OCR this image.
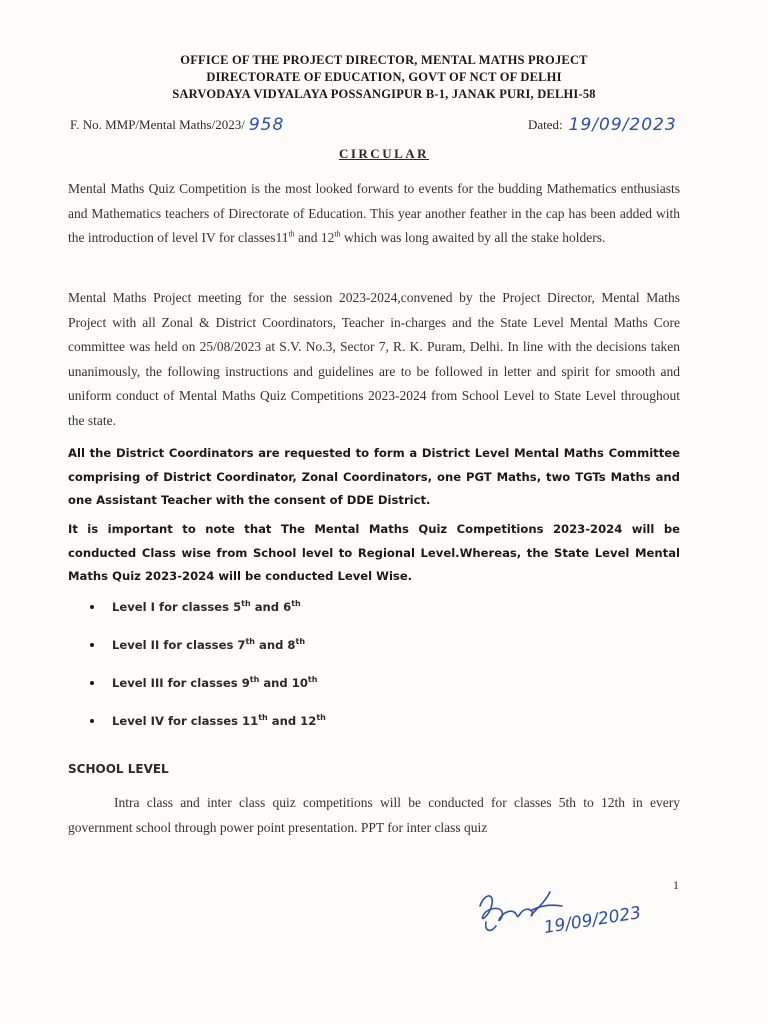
OFFICE OF THE PROJECT DIRECTOR, MENTAL MATHS PROJECT
DIRECTORATE OF EDUCATION, GOVT OF NCT OF DELHI
SARVODAYA VIDYALAYA POSSANGIPUR B-1, JANAK PURI, DELHI-58
F. No. MMP/Mental Maths/2023/ 958	Dated: 19/09/2023
CIRCULAR
Mental Maths Quiz Competition is the most looked forward to events for the budding Mathematics enthusiasts and Mathematics teachers of Directorate of Education. This year another feather in the cap has been added with the introduction of level IV for classes11th and 12th which was long awaited by all the stake holders.
Mental Maths Project meeting for the session 2023-2024,convened by the Project Director, Mental Maths Project with all Zonal & District Coordinators, Teacher in-charges and the State Level Mental Maths Core committee was held on 25/08/2023 at S.V. No.3, Sector 7, R. K. Puram, Delhi. In line with the decisions taken unanimously, the following instructions and guidelines are to be followed in letter and spirit for smooth and uniform conduct of Mental Maths Quiz Competitions 2023-2024 from School Level to State Level throughout the state.
All the District Coordinators are requested to form a District Level Mental Maths Committee comprising of District Coordinator, Zonal Coordinators, one PGT Maths, two TGTs Maths and one Assistant Teacher with the consent of DDE District.
It is important to note that The Mental Maths Quiz Competitions 2023-2024 will be conducted Class wise from School level to Regional Level.Whereas, the State Level Mental Maths Quiz 2023-2024 will be conducted Level Wise.
Level I for classes 5th and 6th
Level II for classes 7th and 8th
Level III for classes 9th and 10th
Level IV for classes 11th and 12th
SCHOOL LEVEL
Intra class and inter class quiz competitions will be conducted for classes 5th to 12th in every government school through power point presentation. PPT for inter class quiz
1
19/09/2023
